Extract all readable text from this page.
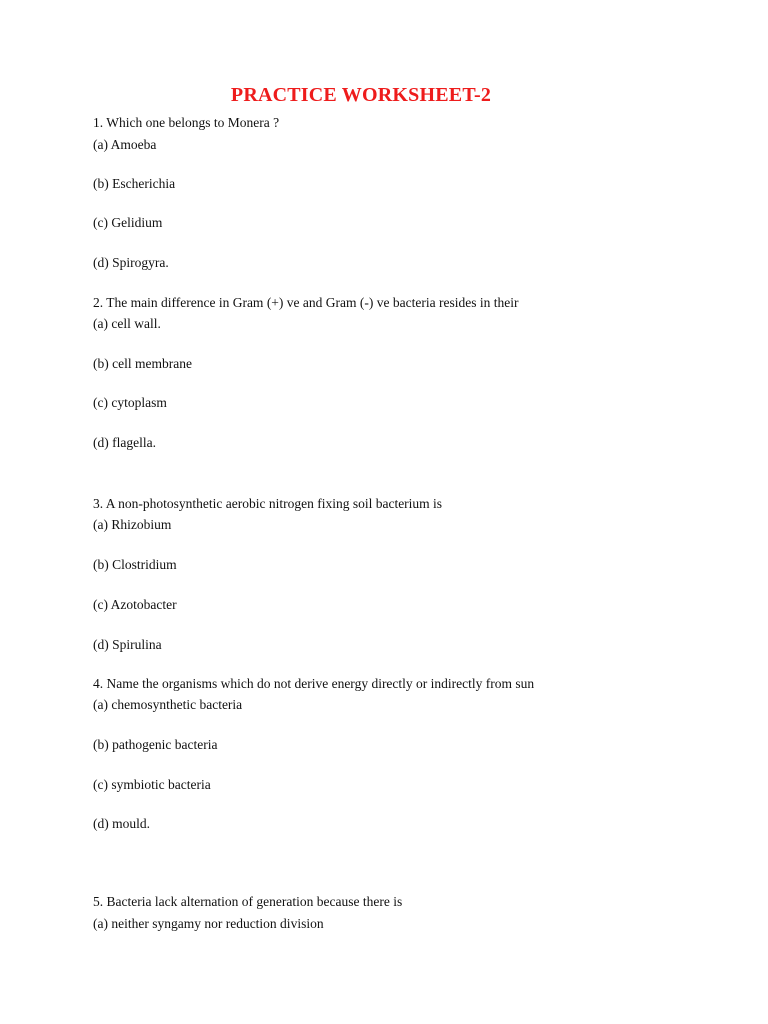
PRACTICE WORKSHEET-2
1. Which one belongs to Monera ?
(a) Amoeba
(b) Escherichia
(c) Gelidium
(d) Spirogyra.
2. The main difference in Gram (+) ve and Gram (-) ve bacteria resides in their
(a) cell wall.
(b) cell membrane
(c) cytoplasm
(d) flagella.
3. A non-photosynthetic aerobic nitrogen fixing soil bacterium is
(a) Rhizobium
(b) Clostridium
(c) Azotobacter
(d) Spirulina
4. Name the organisms which do not derive energy directly or indirectly from sun
(a) chemosynthetic bacteria
(b) pathogenic bacteria
(c) symbiotic bacteria
(d) mould.
5. Bacteria lack alternation of generation because there is
(a) neither syngamy nor reduction division
